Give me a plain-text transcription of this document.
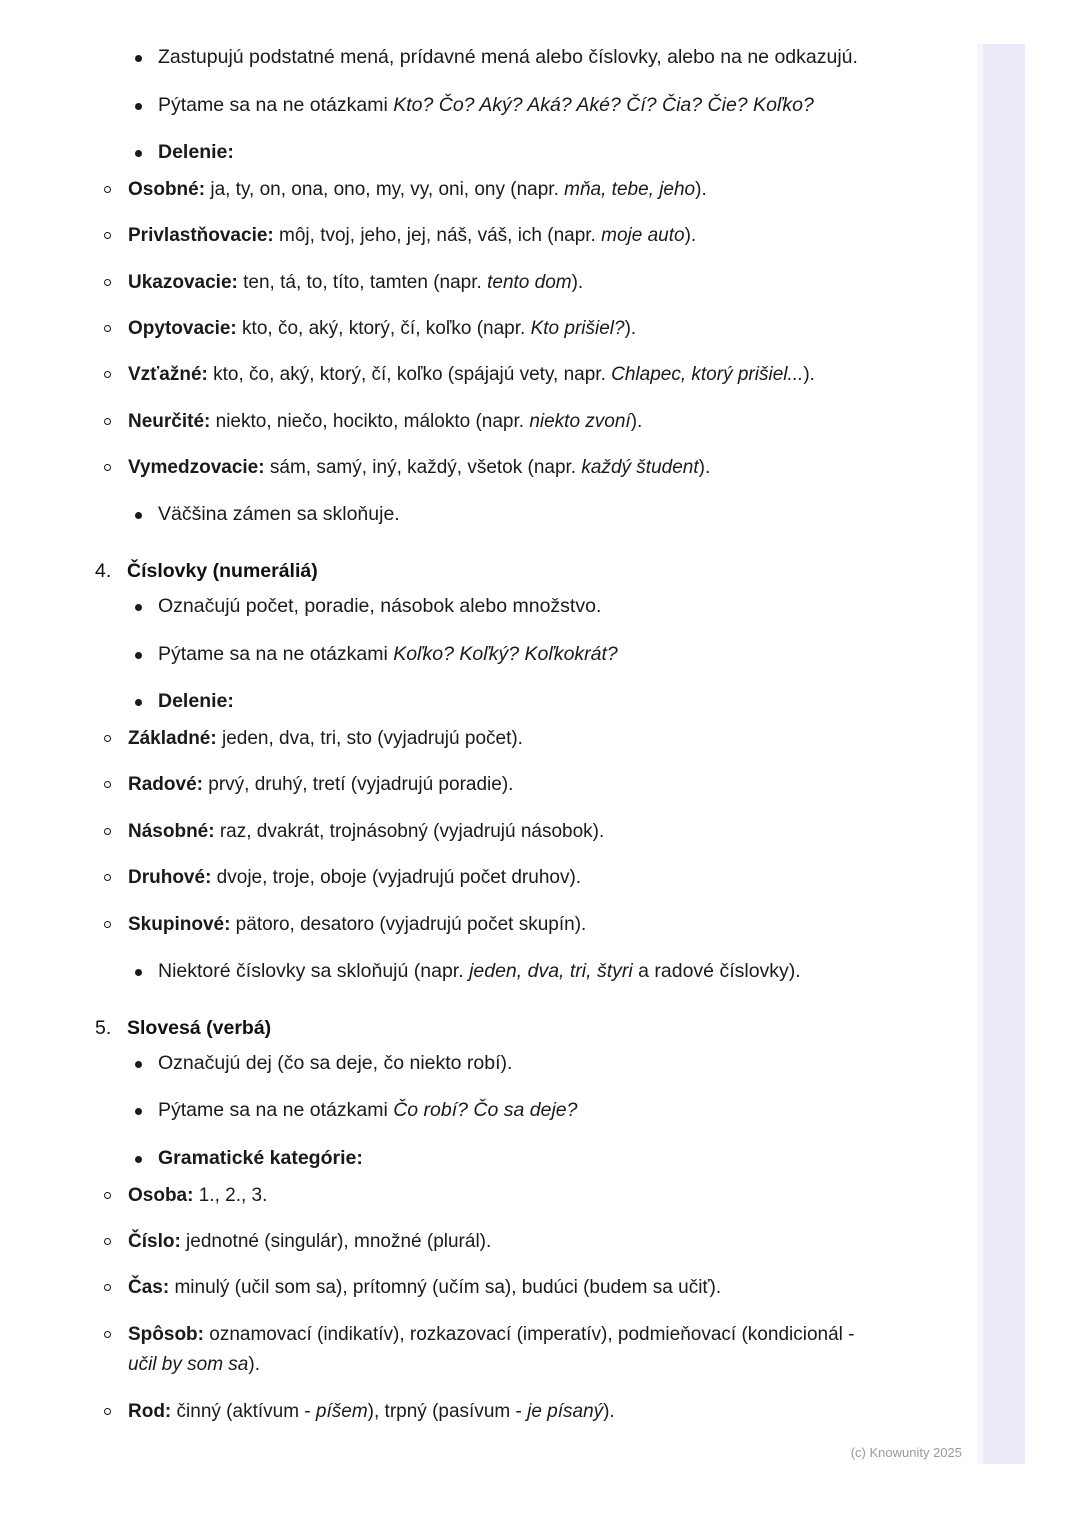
Zastupujú podstatné mená, prídavné mená alebo číslovky, alebo na ne odkazujú.
Pýtame sa na ne otázkami Kto? Čo? Aký? Aká? Aké? Čí? Čia? Čie? Koľko?
Delenie:
Osobné: ja, ty, on, ona, ono, my, vy, oni, ony (napr. mňa, tebe, jeho).
Privlastňovacie: môj, tvoj, jeho, jej, náš, váš, ich (napr. moje auto).
Ukazovacie: ten, tá, to, títo, tamten (napr. tento dom).
Opytovacie: kto, čo, aký, ktorý, čí, koľko (napr. Kto prišiel?).
Vzťažné: kto, čo, aký, ktorý, čí, koľko (spájajú vety, napr. Chlapec, ktorý prišiel...).
Neurčité: niekto, niečo, hocikto, málokto (napr. niekto zvoní).
Vymedzovacie: sám, samý, iný, každý, všetok (napr. každý študent).
Väčšina zámen sa skloňuje.
4. Číslovky (numeráliá)
Označujú počet, poradie, násobok alebo množstvo.
Pýtame sa na ne otázkami Koľko? Koľký? Koľkokrát?
Delenie:
Základné: jeden, dva, tri, sto (vyjadrujú počet).
Radové: prvý, druhý, tretí (vyjadrujú poradie).
Násobné: raz, dvakrát, trojnásobný (vyjadrujú násobok).
Druhové: dvoje, troje, oboje (vyjadrujú počet druhov).
Skupinové: pätoro, desatoro (vyjadrujú počet skupín).
Niektoré číslovky sa skloňujú (napr. jeden, dva, tri, štyri a radové číslovky).
5. Slovesá (verbá)
Označujú dej (čo sa deje, čo niekto robí).
Pýtame sa na ne otázkami Čo robí? Čo sa deje?
Gramatické kategórie:
Osoba: 1., 2., 3.
Číslo: jednotné (singulár), množné (plurál).
Čas: minulý (učil som sa), prítomný (učím sa), budúci (budem sa učiť).
Spôsob: oznamovací (indikatív), rozkazovací (imperatív), podmieňovací (kondicionál - učil by som sa).
Rod: činný (aktívum - píšem), trpný (pasívum - je písaný).
(c) Knowunity 2025
